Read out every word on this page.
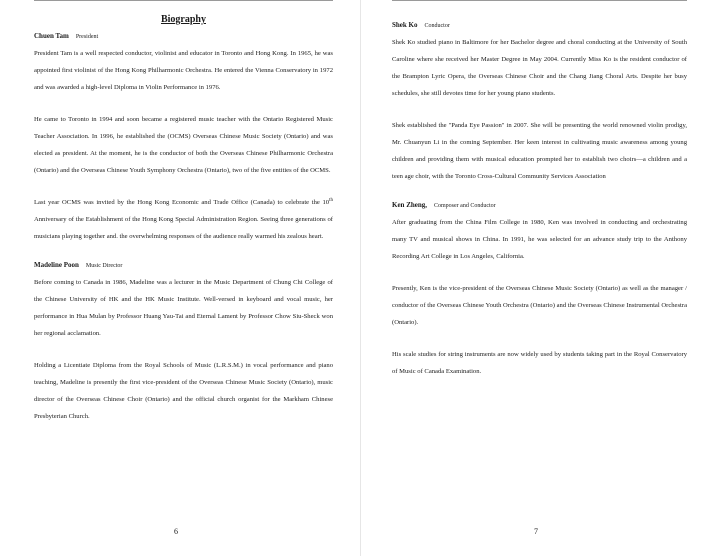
Biography
Chuen Tam President

President Tam is a well respected conductor, violinist and educator in Toronto and Hong Kong. In 1965, he was appointed first violinist of the Hong Kong Philharmonic Orchestra. He entered the Vienna Conservatory in 1972 and was awarded a high-level Diploma in Violin Performance in 1976.

He came to Toronto in 1994 and soon became a registered music teacher with the Ontario Registered Music Teacher Association. In 1996, he established the (OCMS) Overseas Chinese Music Society (Ontario) and was elected as president. At the moment, he is the conductor of both the Overseas Chinese Philharmonic Orchestra (Ontario) and the Overseas Chinese Youth Symphony Orchestra (Ontario), two of the five entities of the OCMS.

Last year OCMS was invited by the Hong Kong Economic and Trade Office (Canada) to celebrate the 10th Anniversary of the Establishment of the Hong Kong Special Administration Region. Seeing three generations of musicians playing together and. the overwhelming responses of the audience really warmed his zealous heart.

Madeline Poon Music Director

Before coming to Canada in 1986, Madeline was a lecturer in the Music Department of Chung Chi College of the Chinese University of HK and the HK Music Institute. Well-versed in keyboard and vocal music, her performance in Hua Mulan by Professor Huang Yau-Tai and Eternal Lament by Professor Chow Siu-Sheck won her regional acclamation.

Holding a Licentiate Diploma from the Royal Schools of Music (L.R.S.M.) in vocal performance and piano teaching, Madeline is presently the first vice-president of the Overseas Chinese Music Society (Ontario), music director of the Overseas Chinese Choir (Ontario) and the official church organist for the Markham Chinese Presbyterian Church.

6
Shek Ko Conductor

Shek Ko studied piano in Baltimore for her Bachelor degree and choral conducting at the University of South Caroline where she received her Master Degree in May 2004. Currently Miss Ko is the resident conductor of the Brampton Lyric Opera, the Overseas Chinese Choir and the Chang Jiang Choral Arts. Despite her busy schedules, she still devotes time for her young piano students.

Shek established the "Panda Eye Passion" in 2007. She will be presenting the world renowned violin prodigy, Mr. Chuanyun Li in the coming September. Her keen interest in cultivating music awareness among young children and providing them with musical education prompted her to establish two choirs—a children and a teen age choir, with the Toronto Cross-Cultural Community Services Association

Ken Zheng, Composer and Conductor

After graduating from the China Film College in 1980, Ken was involved in conducting and orchestrating many TV and musical shows in China. In 1991, he was selected for an advance study trip to the Anthony Recording Art College in Los Angeles, California.

Presently, Ken is the vice-president of the Overseas Chinese Music Society (Ontario) as well as the manager / conductor of the Overseas Chinese Youth Orchestra (Ontario) and the Overseas Chinese Instrumental Orchestra (Ontario).

His scale studies for string instruments are now widely used by students taking part in the Royal Conservatory of Music of Canada Examination.

7
